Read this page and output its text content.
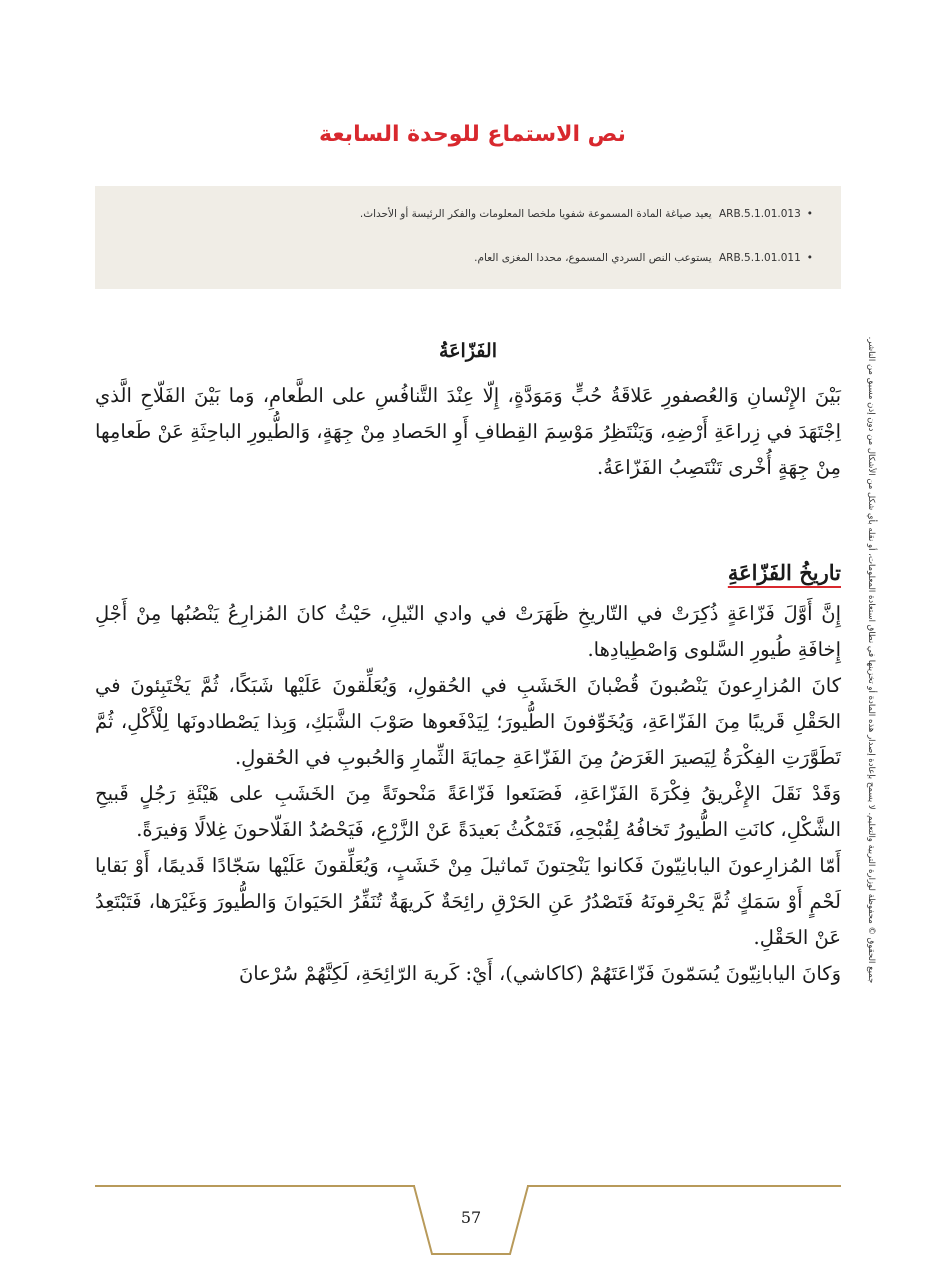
نص الاستماع للوحدة السابعة
•ARB.5.1.01.013 يعيد صياغة المادة المسموعة شفويا ملخصا المعلومات والفكر الرئيسة أو الأحداث.
•ARB.5.1.01.011 يستوعب النص السردي المسموع، محددا المغزى العام.
جميع الحقوق © محفوظة لوزارة التربية والتعليم. لا يسمح بإعادة إصدار هذه المادة أو تخزينها في نطاق استعادة المعلومات، أو نقله بأي شكل من الأشكال من دون إذن مسبق من الناشر.
الفَزّاعَةُ

بَيْنَ الإِنْسانِ وَالعُصفورِ عَلاقَةُ حُبٍّ وَمَوَدَّةٍ، إِلّا عِنْدَ التَّنافُسِ على الطَّعامِ، وَما بَيْنَ الفَلّاحِ الَّذي اِجْتَهَدَ في زِراعَةِ أَرْضِهِ، وَيَنْتَظِرُ مَوْسِمَ القِطافِ أَوِ الحَصادِ مِنْ جِهَةٍ، وَالطُّيورِ الباحِثَةِ عَنْ طَعامِها مِنْ جِهَةٍ أُخْرى تَنْتَصِبُ الفَزّاعَةُ.

تاريخُ الفَزّاعَةِ

إِنَّ أَوَّلَ فَزّاعَةٍ ذُكِرَتْ في التّاريخِ ظَهَرَتْ في وادي النّيلِ، حَيْثُ كانَ المُزارِعُ يَنْصُبُها مِنْ أَجْلِ إِخافَةِ طُيورِ السَّلوى وَاصْطِيادِها.

كانَ المُزارِعونَ يَنْصُبونَ قُضْبانَ الخَشَبِ في الحُقولِ، وَيُعَلِّقونَ عَلَيْها شَبَكًا، ثُمَّ يَخْتَبِئونَ في الحَقْلِ قَريبًا مِنَ الفَزّاعَةِ، وَيُخَوِّفونَ الطُّيورَ؛ لِيَدْفَعوها صَوْبَ الشَّبَكِ، وَبِذا يَصْطادونَها لِلْأَكْلِ، ثُمَّ تَطَوَّرَتِ الفِكْرَةُ لِيَصيرَ الغَرَضُ مِنَ الفَزّاعَةِ حِمايَةَ الثِّمارِ وَالحُبوبِ في الحُقولِ.

وَقَدْ نَقَلَ الإِغْريقُ فِكْرَةَ الفَزّاعَةِ، فَصَنَعوا فَزّاعَةً مَنْحوتَةً مِنَ الخَشَبِ على هَيْئَةِ رَجُلٍ قَبيحِ الشَّكْلِ، كانَتِ الطُّيورُ تَخافُهُ لِقُبْحِهِ، فَتَمْكُثُ بَعيدَةً عَنْ الزَّرْعِ، فَيَحْصُدُ الفَلّاحونَ غِلالًا وَفيرَةً.

أَمّا المُزارِعونَ اليابانِيّونَ فَكانوا يَنْحِتونَ تَماثيلَ مِنْ خَشَبٍ، وَيُعَلِّقونَ عَلَيْها سَجّادًا قَديمًا، أَوْ بَقايا لَحْمٍ أَوْ سَمَكٍ ثُمَّ يَحْرِقونَهُ فَتَصْدُرُ عَنِ الحَرْقِ رائِحَةٌ كَريهَةٌ تُنَفِّرُ الحَيَوانَ وَالطُّيورَ وَغَيْرَها، فَتَبْتَعِدُ عَنْ الحَقْلِ.

وَكانَ اليابانِيّونَ يُسَمّونَ فَزّاعَتَهُمْ (كاكاشي)، أَيْ: كَريهَ الرّائِحَةِ، لَكِنَّهُمْ سُرْعانَ

57
